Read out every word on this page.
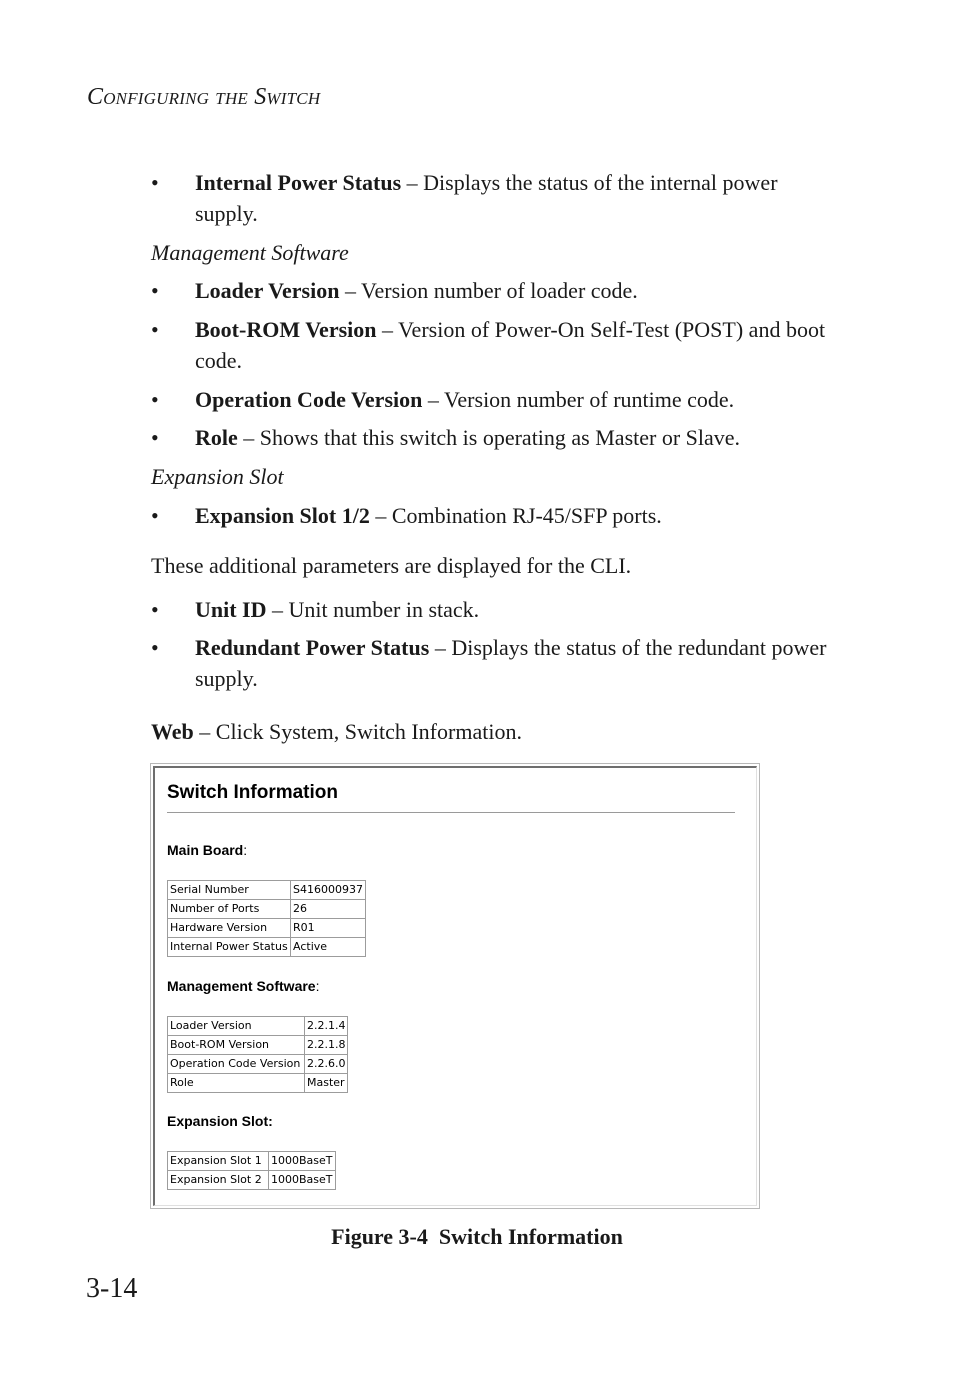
Configuring the Switch
•	Internal Power Status – Displays the status of the internal power supply.
Management Software
•	Loader Version – Version number of loader code.
•	Boot-ROM Version – Version of Power-On Self-Test (POST) and boot code.
•	Operation Code Version – Version number of runtime code.
•	Role – Shows that this switch is operating as Master or Slave.
Expansion Slot
•	Expansion Slot 1/2 – Combination RJ-45/SFP ports.
These additional parameters are displayed for the CLI.
•	Unit ID – Unit number in stack.
•	Redundant Power Status – Displays the status of the redundant power supply.
Web – Click System, Switch Information.
Switch Information
Main Board:
Serial Number	S416000937
Number of Ports	26
Hardware Version	R01
Internal Power Status	Active
Management Software:
Loader Version	2.2.1.4
Boot-ROM Version	2.2.1.8
Operation Code Version	2.2.6.0
Role	Master
Expansion Slot:
Expansion Slot 1	1000BaseT
Expansion Slot 2	1000BaseT
Figure 3-4 Switch Information
3-14
